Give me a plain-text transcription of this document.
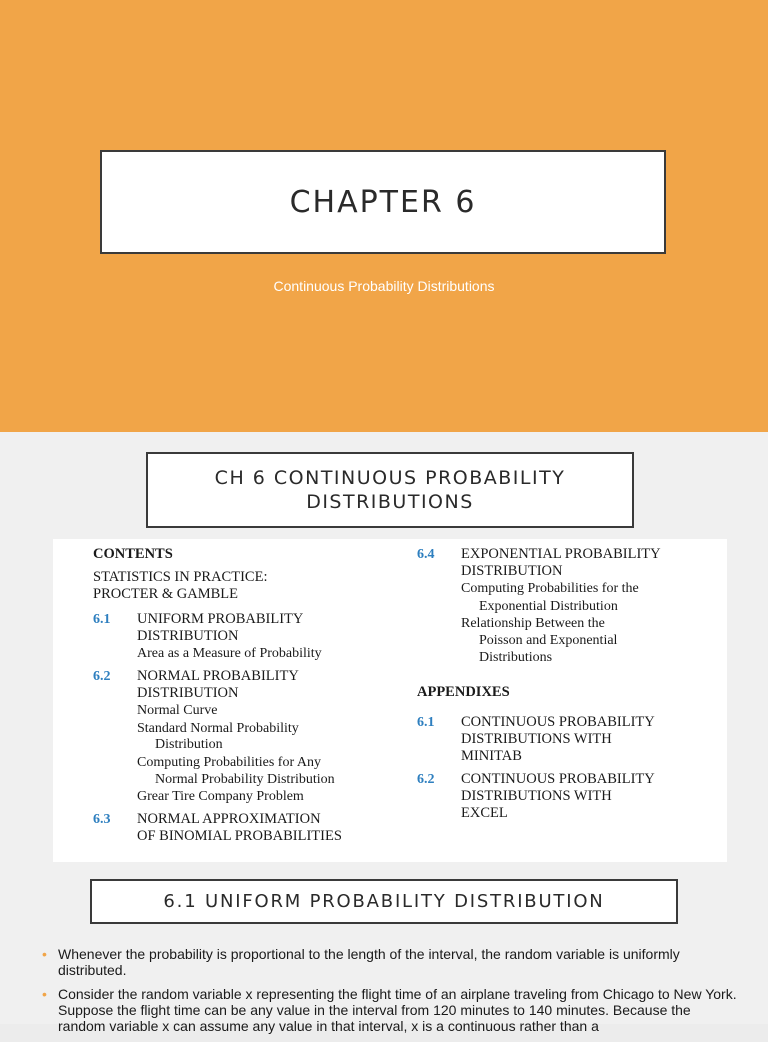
CHAPTER 6
Continuous Probability Distributions
CH 6 CONTINUOUS PROBABILITY
DISTRIBUTIONS
CONTENTS
STATISTICS IN PRACTICE:
PROCTER & GAMBLE
6.1 UNIFORM PROBABILITY
DISTRIBUTION
Area as a Measure of Probability
6.2 NORMAL PROBABILITY
DISTRIBUTION
Normal Curve
Standard Normal Probability
Distribution
Computing Probabilities for Any
Normal Probability Distribution
Grear Tire Company Problem
6.3 NORMAL APPROXIMATION
OF BINOMIAL PROBABILITIES
6.4 EXPONENTIAL PROBABILITY
DISTRIBUTION
Computing Probabilities for the
Exponential Distribution
Relationship Between the
Poisson and Exponential
Distributions
APPENDIXES
6.1 CONTINUOUS PROBABILITY
DISTRIBUTIONS WITH
MINITAB
6.2 CONTINUOUS PROBABILITY
DISTRIBUTIONS WITH
EXCEL
6.1 UNIFORM PROBABILITY DISTRIBUTION
• Whenever the probability is proportional to the length of the interval, the random variable is uniformly distributed.
• Consider the random variable x representing the flight time of an airplane traveling from Chicago to New York. Suppose the flight time can be any value in the interval from 120 minutes to 140 minutes. Because the random variable x can assume any value in that interval, x is a continuous rather than a
